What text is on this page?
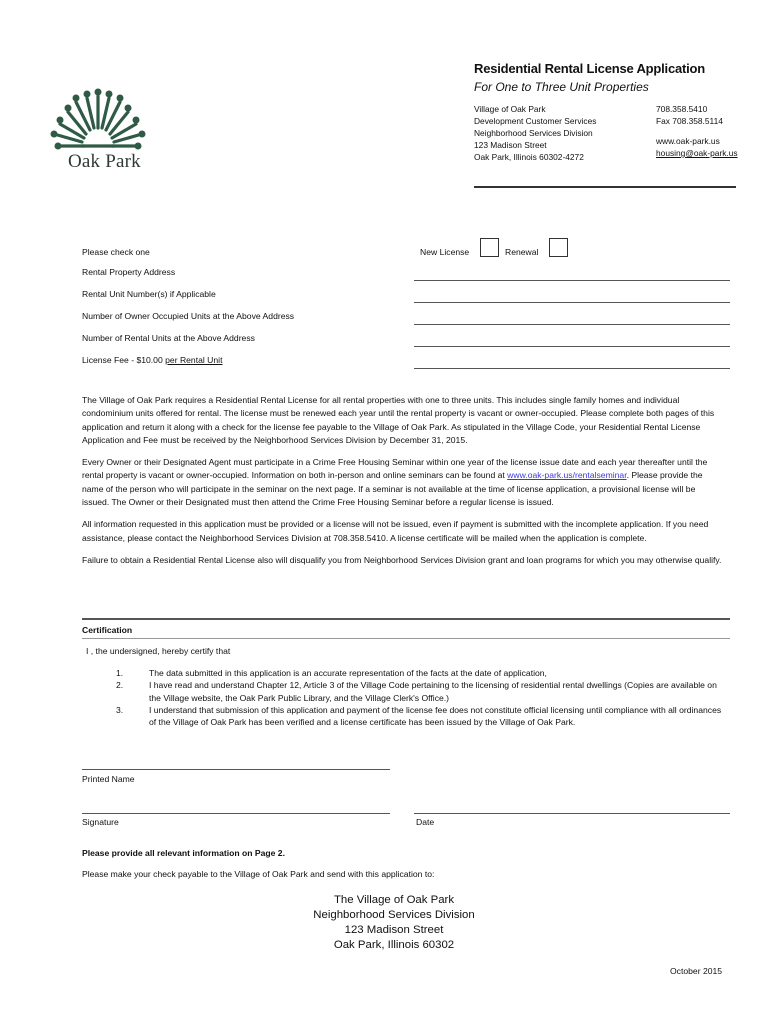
Oak Park
Residential Rental License Application
For One to Three Unit Properties
Village of Oak Park
Development Customer Services
Neighborhood Services Division
123 Madison Street
Oak Park, Illinois 60302-4272
708.358.5410
Fax 708.358.5114
www.oak-park.us
housing@oak-park.us
Please check one	New License	Renewal
Rental Property Address
Rental Unit Number(s) if Applicable
Number of Owner Occupied Units at the Above Address
Number of Rental Units at the Above Address
License Fee - $10.00 per Rental Unit

The Village of Oak Park requires a Residential Rental License for all rental properties with one to three units. This includes single family homes and individual condominium units offered for rental. The license must be renewed each year until the rental property is vacant or owner-occupied. Please complete both pages of this application and return it along with a check for the license fee payable to the Village of Oak Park. As stipulated in the Village Code, your Residential Rental License Application and Fee must be received by the Neighborhood Services Division by December 31, 2015.

Every Owner or their Designated Agent must participate in a Crime Free Housing Seminar within one year of the license issue date and each year thereafter until the rental property is vacant or owner-occupied. Information on both in-person and online seminars can be found at www.oak-park.us/rentalseminar. Please provide the name of the person who will participate in the seminar on the next page. If a seminar is not available at the time of license application, a provisional license will be issued. The Owner or their Designated must then attend the Crime Free Housing Seminar before a regular license is issued.

All information requested in this application must be provided or a license will not be issued, even if payment is submitted with the incomplete application. If you need assistance, please contact the Neighborhood Services Division at 708.358.5410. A license certificate will be mailed when the application is complete.

Failure to obtain a Residential Rental License also will disqualify you from Neighborhood Services Division grant and loan programs for which you may otherwise qualify.

Certification
I , the undersigned, hereby certify that
1.	The data submitted in this application is an accurate representation of the facts at the date of application,
2.	I have read and understand Chapter 12, Article 3 of the Village Code pertaining to the licensing of residential rental dwellings (Copies are available on the Village website, the Oak Park Public Library, and the Village Clerk's Office.)
3.	I understand that submission of this application and payment of the license fee does not constitute official licensing until compliance with all ordinances of the Village of Oak Park has been verified and a license certificate has been issued by the Village of Oak Park.
Printed Name
Signature	Date
Please provide all relevant information on Page 2.
Please make your check payable to the Village of Oak Park and send with this application to:
The Village of Oak Park
Neighborhood Services Division
123 Madison Street
Oak Park, Illinois 60302
October 2015
